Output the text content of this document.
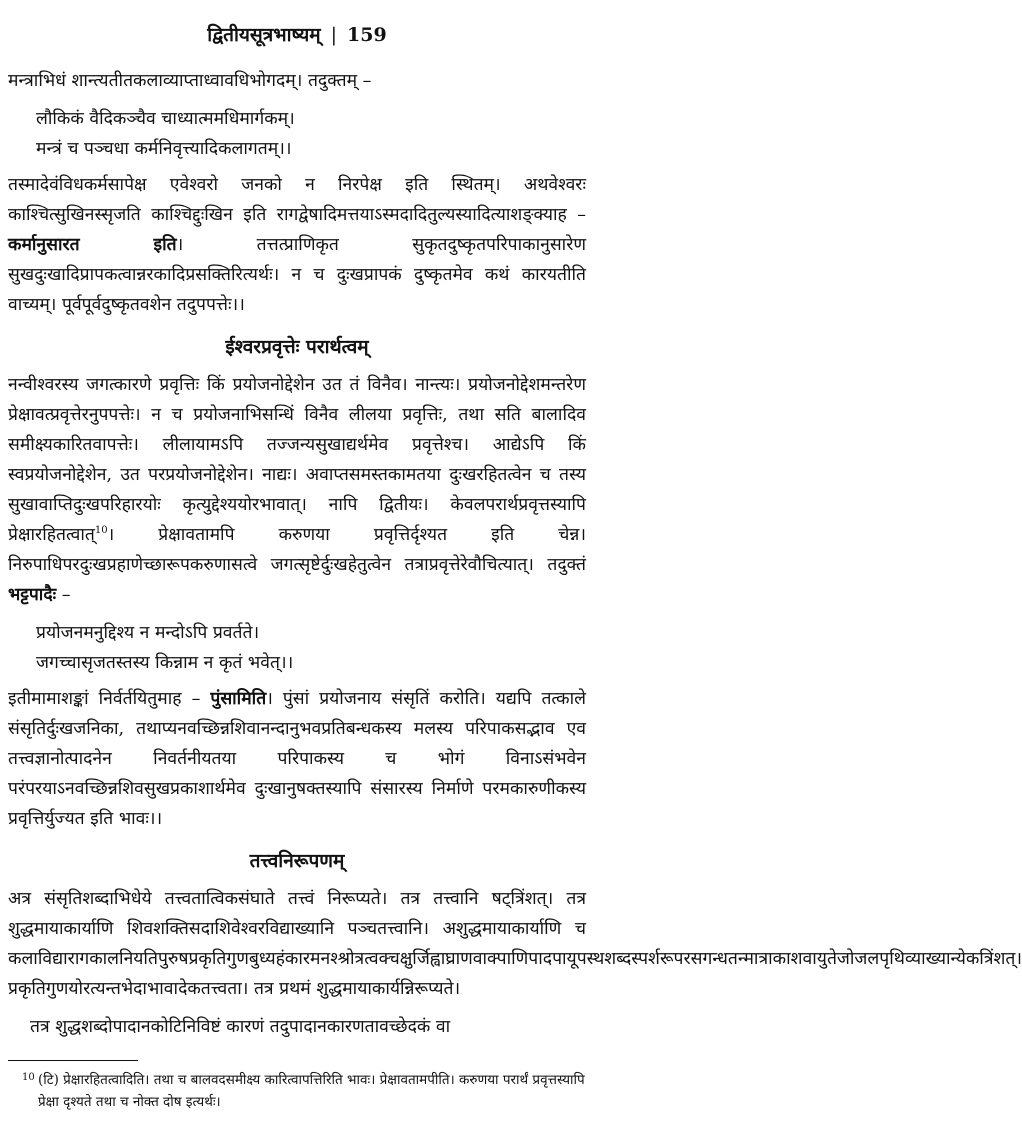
द्वितीयसूत्रभाष्यम् | 159

मन्त्राभिधं शान्त्यतीतकलाव्याप्ताध्वावधिभोगदम्। तदुक्तम् –

लौकिकं वैदिकञ्चैव चाध्यात्ममधिमार्गकम्।

मन्त्रं च पञ्चधा कर्मनिवृत्त्यादिकलागतम्।।

तस्मादेवंविधकर्मसापेक्ष एवेश्वरो जनको न निरपेक्ष इति स्थितम्। अथवेश्वरः काश्चित्सुखिनस्सृजति काश्चिद्दुःखिन इति रागद्वेषादिमत्तयाऽस्मदादितुल्यस्यादित्याशङ्क्याह – कर्मानुसारत इति। तत्तत्प्राणिकृत सुकृतदुष्कृतपरिपाकानुसारेण सुखदुःखादिप्रापकत्वान्नरकादिप्रसक्तिरित्यर्थः। न च दुःखप्रापकं दुष्कृतमेव कथं कारयतीति वाच्यम्। पूर्वपूर्वदुष्कृतवशेन तदुपपत्तेः।।

ईश्वरप्रवृत्तेः परार्थत्वम्

नन्वीश्वरस्य जगत्कारणे प्रवृत्तिः किं प्रयोजनोद्देशेन उत तं विनैव। नान्त्यः। प्रयोजनोद्देशमन्तरेण प्रेक्षावत्प्रवृत्तेरनुपपत्तेः। न च प्रयोजनाभिसन्धिं विनैव लीलया प्रवृत्तिः, तथा सति बालादिव समीक्ष्यकारितवापत्तेः। लीलायामऽपि तज्जन्यसुखाद्यर्थमेव प्रवृत्तेश्च। आद्येऽपि किं स्वप्रयोजनोद्देशेन, उत परप्रयोजनोद्देशेन। नाद्यः। अवाप्तसमस्तकामतया दुःखरहितत्वेन च तस्य सुखावाप्तिदुःखपरिहारयोः कृत्युद्देश्ययोरभावात्। नापि द्वितीयः। केवलपरार्थप्रवृत्तस्यापि प्रेक्षारहितत्वात्$^{10}$। प्रेक्षावतामपि करुणया प्रवृत्तिर्दृश्यत इति चेन्न। निरुपाधिपरदुःखप्रहाणेच्छारूपकरुणासत्वे जगत्सृष्टेर्दुःखहेतुत्वेन तत्राप्रवृत्तेरेवौचित्यात्। तदुक्तं भट्टपादैः –

प्रयोजनमनुद्दिश्य न मन्दोऽपि प्रवर्तते।

जगच्चासृजतस्तस्य किन्नाम न कृतं भवेत्।।

इतीमामाशङ्कां निर्वर्तयितुमाह – पुंसामिति। पुंसां प्रयोजनाय संसृतिं करोति। यद्यपि तत्काले संसृतिर्दुःखजनिका, तथाप्यनवच्छिन्नशिवानन्दानुभवप्रतिबन्धकस्य मलस्य परिपाकसद्भाव एव तत्त्वज्ञानोत्पादनेन निवर्तनीयतया परिपाकस्य च भोगं विनाऽसंभवेन परंपरयाऽनवच्छिन्नशिवसुखप्रकाशार्थमेव दुःखानुषक्तस्यापि संसारस्य निर्माणे परमकारुणीकस्य प्रवृत्तिर्युज्यत इति भावः।।

तत्त्वनिरूपणम्

अत्र संसृतिशब्दाभिधेये तत्त्वतात्विकसंघाते तत्त्वं निरूप्यते। तत्र तत्त्वानि षट्त्रिंशत्। तत्र शुद्धमायाकार्याणि शिवशक्तिसदाशिवेश्वरविद्याख्यानि पञ्चतत्त्वानि। अशुद्धमायाकार्याणि च कलाविद्यारागकालनियतिपुरुषप्रकृतिगुणबुध्यहंकारमनश्श्रोत्रत्वक्चक्षुर्जिह्वाघ्राणवाक्पाणिपादपायूपस्थशब्दस्पर्शरूपरसगन्धतन्मात्राकाशवायुतेजोजलपृथिव्याख्यान्येकत्रिंशत्। प्रकृतिगुणयोरत्यन्तभेदाभावादेकतत्त्वता। तत्र प्रथमं शुद्धमायाकार्यन्निरूप्यते।

तत्र शुद्धशब्दोपादानकोटिनिविष्टं कारणं तदुपादानकारणतावच्छेदकं वा

10 (टि) प्रेक्षारहितत्वादिति। तथा च बालवदसमीक्ष्य कारित्वापत्तिरिति भावः। प्रेक्षावतामपीति। करुणया परार्थं प्रवृत्तस्यापि प्रेक्षा दृश्यते तथा च नोक्त दोष इत्यर्थः।
